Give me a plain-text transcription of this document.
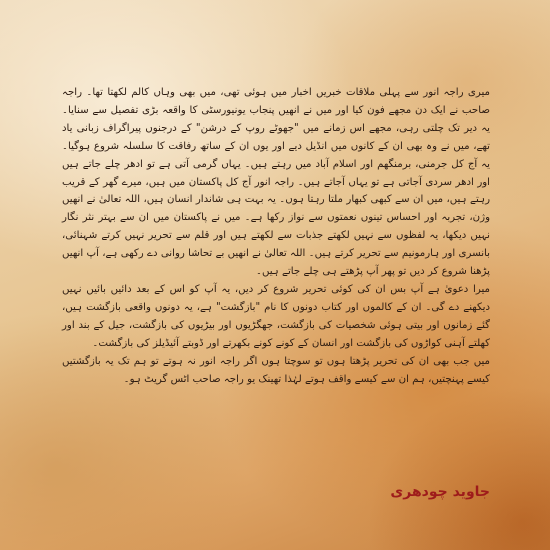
میری راجہ انور سے پہلی ملاقات خبریں اخبار میں ہوئی تھی، میں بھی وہاں کالم لکھتا تھا۔ راجہ صاحب نے ایک دن مجھے فون کیا اور میں نے انھیں پنجاب یونیورسٹی کا واقعہ بڑی تفصیل سے سنایا۔ یہ دیر تک چلتی رہی، مجھے اس زمانے میں "جھوٹے روپ کے درشن" کے درجنوں پیراگراف زبانی یاد تھے، میں نے وہ بھی ان کے کانوں میں انڈیل دیے اور یوں ان کے ساتھ رفاقت کا سلسلہ شروع ہوگیا۔ یہ آج کل جرمنی، برمنگھم اور اسلام آباد میں رہتے ہیں۔ یہاں گرمی آتی ہے تو ادھر چلے جاتے ہیں اور ادھر سردی آجاتی ہے تو یہاں آجاتے ہیں۔ راجہ انور آج کل پاکستان میں ہیں، میرے گھر کے قریب رہتے ہیں، میں ان سے کبھی کبھار ملتا رہتا ہوں۔ یہ بہت ہی شاندار انسان ہیں، اللہ تعالیٰ نے انھیں وژن، تجربہ اور احساس تینوں نعمتوں سے نواز رکھا ہے۔ میں نے پاکستان میں ان سے بہتر نثر نگار نہیں دیکھا، یہ لفظوں سے نہیں لکھتے جذبات سے لکھتے ہیں اور قلم سے تحریر نہیں کرتے شہنائی، بانسری اور ہارمونیم سے تحریر کرتے ہیں۔ اللہ تعالیٰ نے انھیں بے تحاشا روانی دے رکھی ہے، آپ انھیں پڑھنا شروع کر دیں تو پھر آپ پڑھتے ہی چلے جاتے ہیں۔

میرا دعویٰ ہے آپ بس ان کی کوئی تحریر شروع کر دیں، یہ آپ کو اس کے بعد دائیں بائیں نہیں دیکھنے دے گی۔ ان کے کالموں اور کتاب دونوں کا نام "بازگشت" ہے، یہ دونوں واقعی بازگشت ہیں، گئے زمانوں اور بیتی ہوئی شخصیات کی بازگشت، جھگڑیوں اور بیڑیوں کی بازگشت، جیل کے بند اور کھلتے آہنی کواڑوں کی بازگشت اور انسان کے کونے کونے بکھرتے اور ڈوبتے آئیڈیلز کی بازگشت۔

میں جب بھی ان کی تحریر پڑھتا ہوں تو سوچتا ہوں اگر راجہ انور نہ ہوتے تو ہم تک یہ بازگشتیں کیسے پہنچتیں، ہم ان سے کیسے واقف ہوتے لہٰذا تھینک یو راجہ صاحب اٹس گریٹ ہو۔

جاوید چودھری
